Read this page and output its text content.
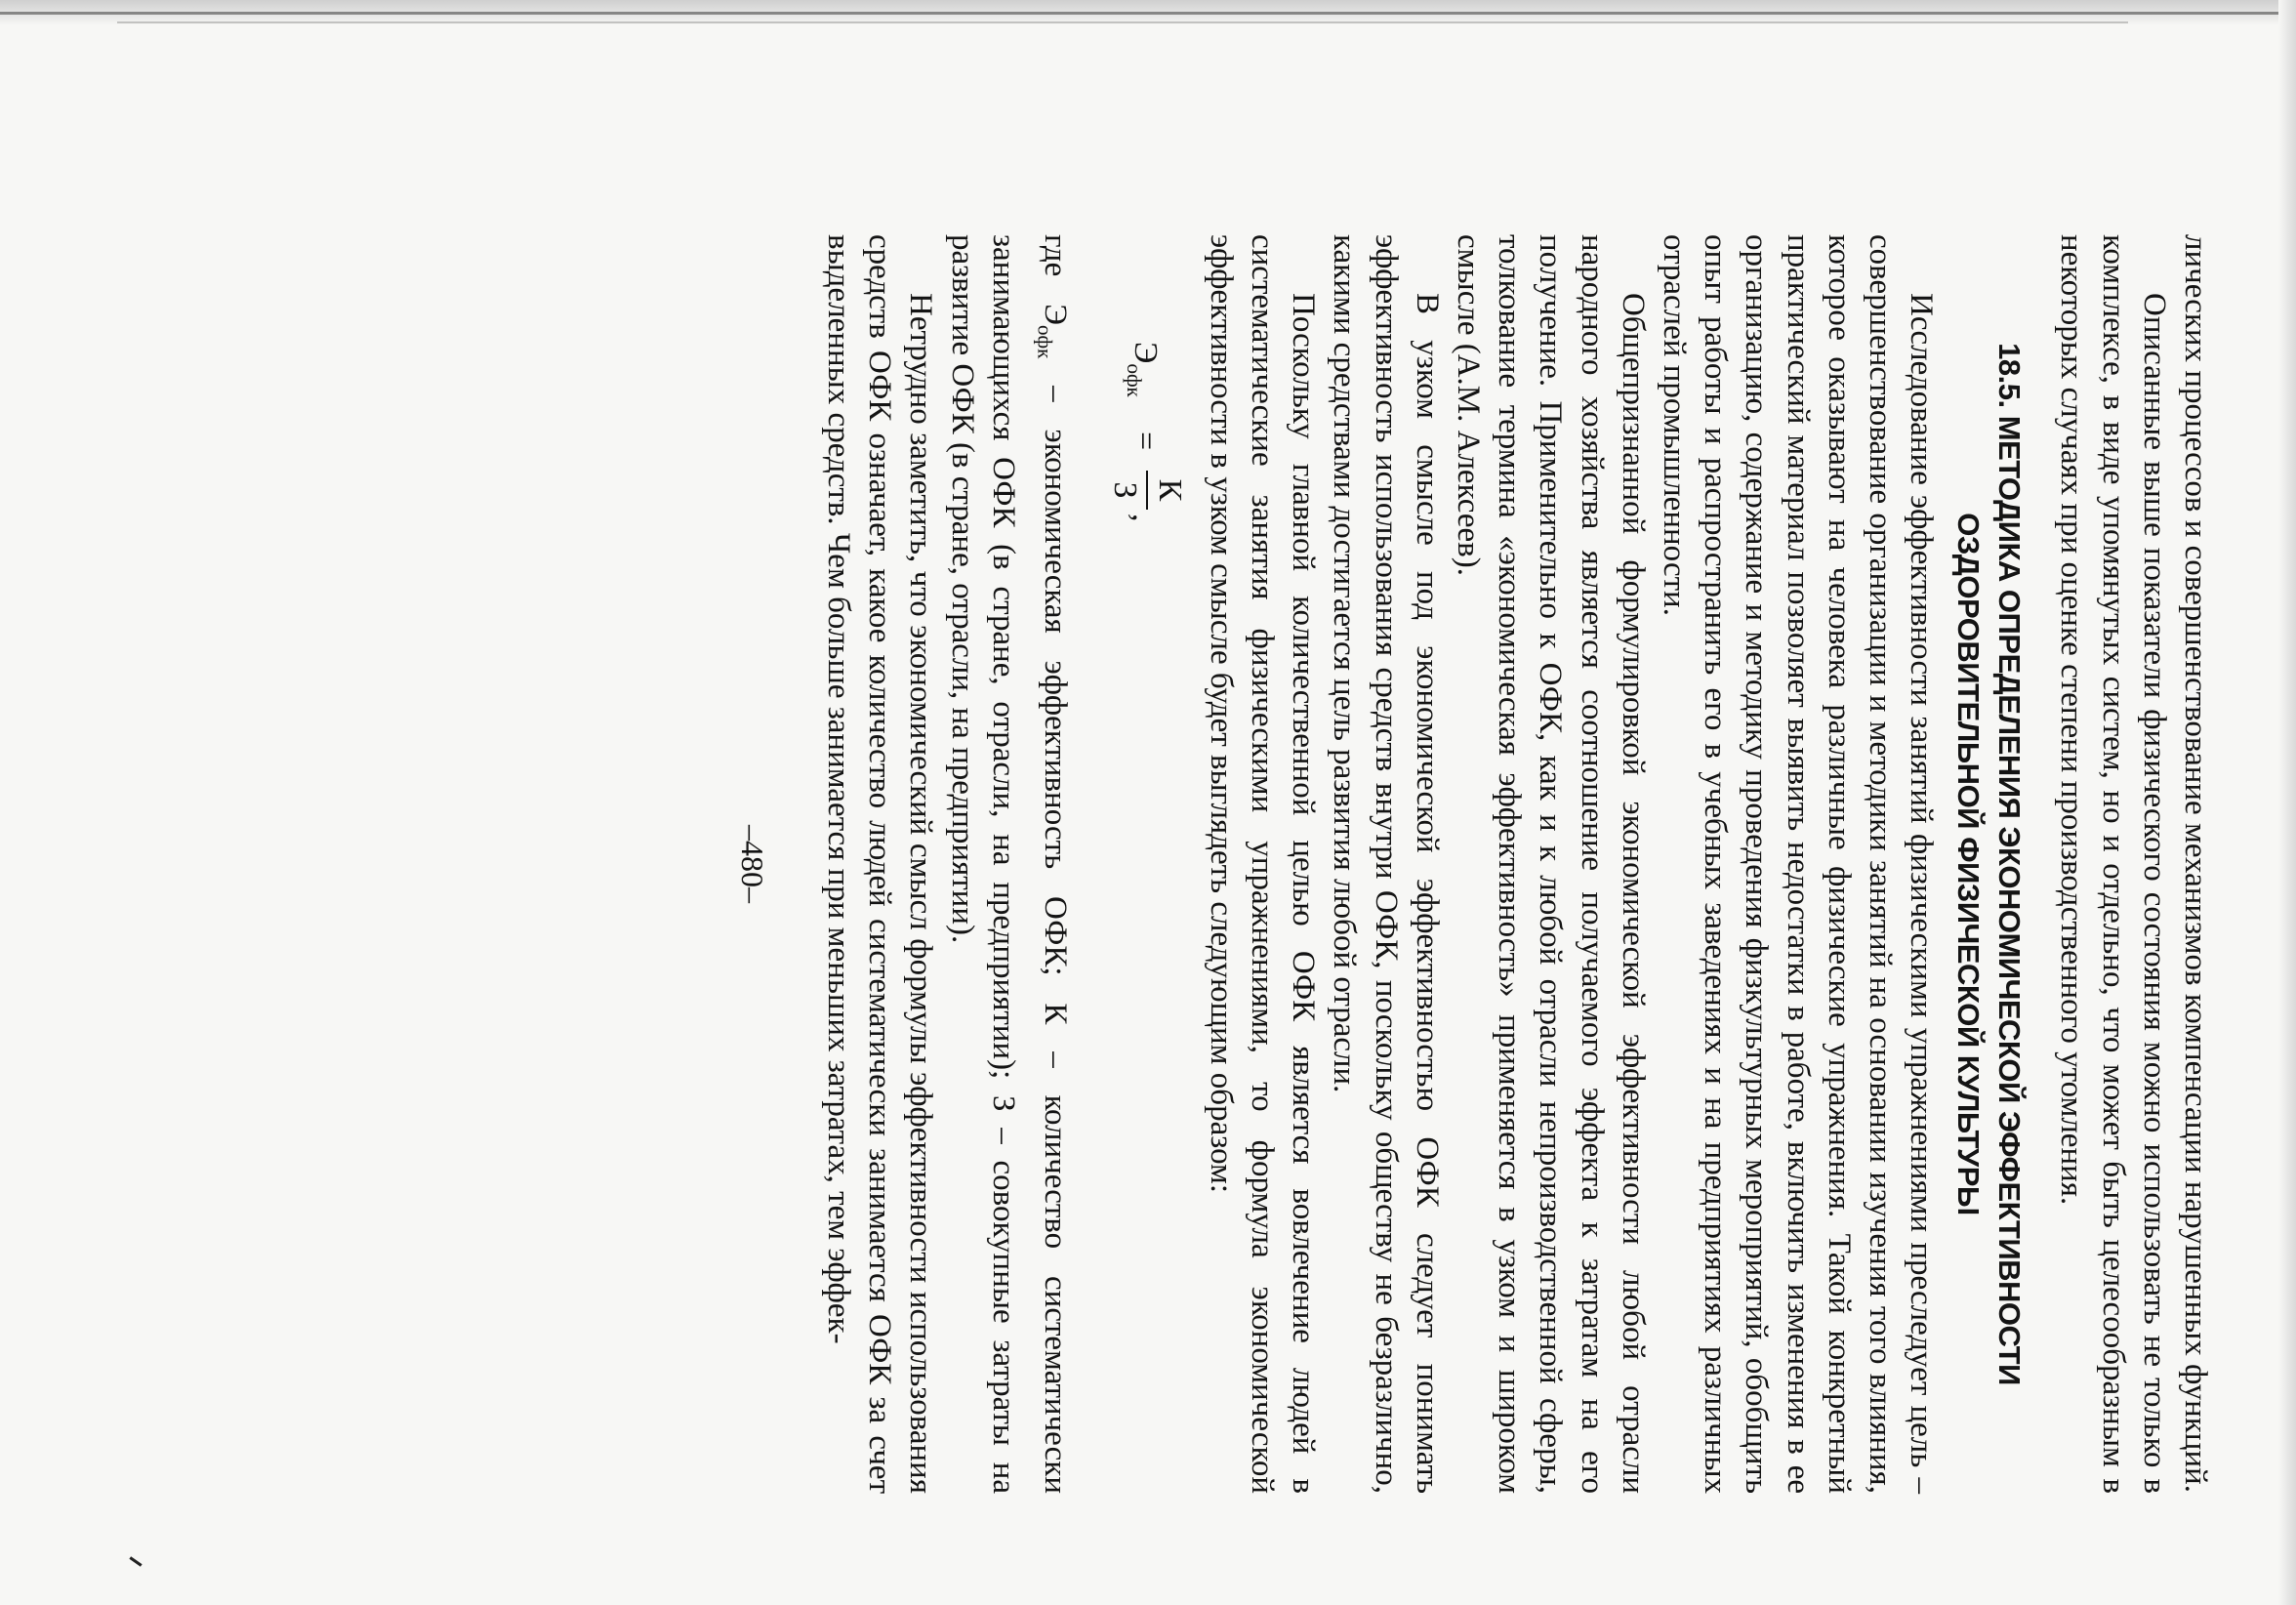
лических процессов и совершенствование механизмов компенсации нарушенных функций.

Описанные выше показатели физического состояния можно использовать не только в комплексе, в виде упомянутых систем, но и отдельно, что может быть целесообразным в некоторых случаях при оценке степени производственного утомления.

18.5. МЕТОДИКА ОПРЕДЕЛЕНИЯ ЭКОНОМИЧЕСКОЙ ЭФФЕКТИВНОСТИ ОЗДОРОВИТЕЛЬНОЙ ФИЗИЧЕСКОЙ КУЛЬТУРЫ

Исследование эффективности занятий физическими упражнениями преследует цель – совершенствование организации и методики занятий на основании изучения того влияния, которое оказывают на человека различные физические упражнения. Такой конкретный практический материал позволяет выявить недостатки в работе, включить изменения в ее организацию, содержание и методику проведения физкультурных мероприятий, обобщить опыт работы и распространить его в учебных заведениях и на предприятиях различных отраслей промышленности.

Общепризнанной формулировкой экономической эффективности любой отрасли народного хозяйства является соотношение получаемого эффекта к затратам на его получение. Применительно к ОФК, как и к любой отрасли непроизводственной сферы, толкование термина «экономическая эффективность» применяется в узком и широком смысле (А.М. Алексеев).

В узком смысле под экономической эффективностью ОФК следует понимать эффективность использования средств внутри ОФК, поскольку обществу не безразлично, какими средствами достигается цель развития любой отрасли.

Поскольку главной количественной целью ОФК является вовлечение людей в систематические занятия физическими упражнениями, то формула экономической эффективности в узком смысле будет выглядеть следующим образом:

$Э_{офк}$
=
К
З
,

где $Э_{офк}$ – экономическая эффективность ОФК; К – количество систематически занимающихся ОФК (в стране, отрасли, на предприятии); З – совокупные затраты на развитие ОФК (в стране, отрасли, на предприятии).

Нетрудно заметить, что экономический смысл формулы эффективности использования средств ОФК означает, какое количество людей систематически занимается ОФК за счет выделенных средств. Чем больше занимается при меньших затратах, тем эффек-

–480–
